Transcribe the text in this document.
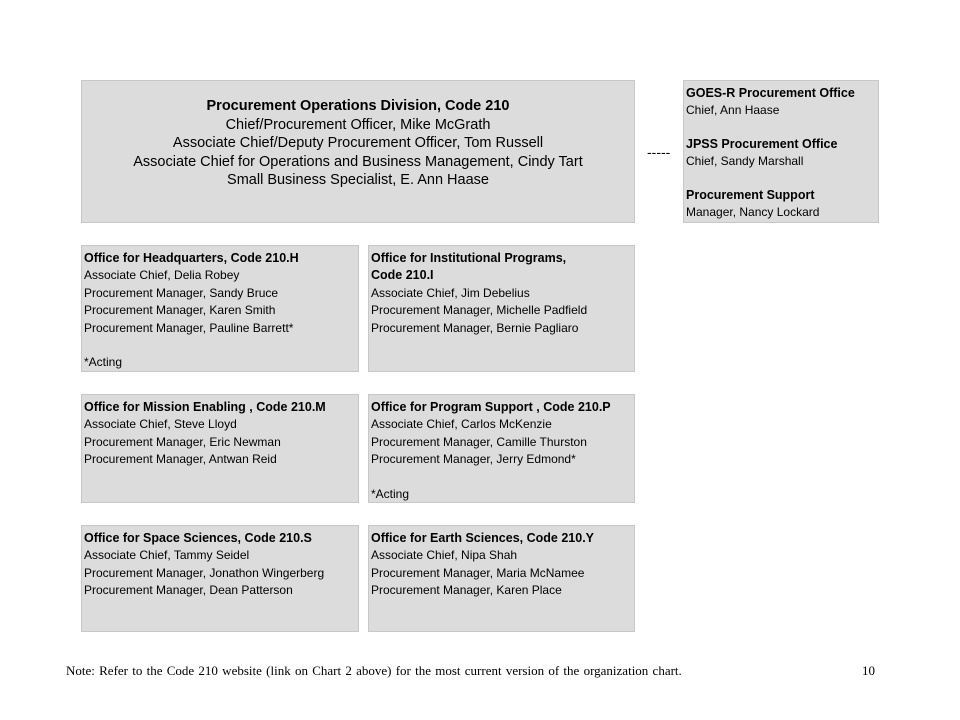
Procurement Operations Division, Code 210
Chief/Procurement Officer, Mike McGrath
Associate Chief/Deputy Procurement Officer, Tom Russell
Associate Chief for Operations and Business Management, Cindy Tart
Small Business Specialist, E. Ann Haase
-----
GOES-R Procurement Office
Chief, Ann Haase
JPSS Procurement Office
Chief, Sandy Marshall
Procurement Support
Manager, Nancy Lockard
Office for Headquarters, Code 210.H
Associate Chief, Delia Robey
Procurement Manager, Sandy Bruce
Procurement Manager, Karen Smith
Procurement Manager, Pauline Barrett*
*Acting
Office for Institutional Programs,
Code 210.I
Associate Chief, Jim Debelius
Procurement Manager, Michelle Padfield
Procurement Manager, Bernie Pagliaro
Office for Mission Enabling , Code 210.M
Associate Chief, Steve Lloyd
Procurement Manager, Eric Newman
Procurement Manager, Antwan Reid
Office for Program Support , Code 210.P
Associate Chief, Carlos McKenzie
Procurement Manager, Camille Thurston
Procurement Manager, Jerry Edmond*
*Acting
Office for Space Sciences, Code 210.S
Associate Chief, Tammy Seidel
Procurement Manager, Jonathon Wingerberg
Procurement Manager, Dean Patterson
Office for Earth Sciences, Code 210.Y
Associate Chief, Nipa Shah
Procurement Manager, Maria McNamee
Procurement Manager, Karen Place
Note: Refer to the Code 210 website (link on Chart 2 above) for the most current version of the organization chart.	10
